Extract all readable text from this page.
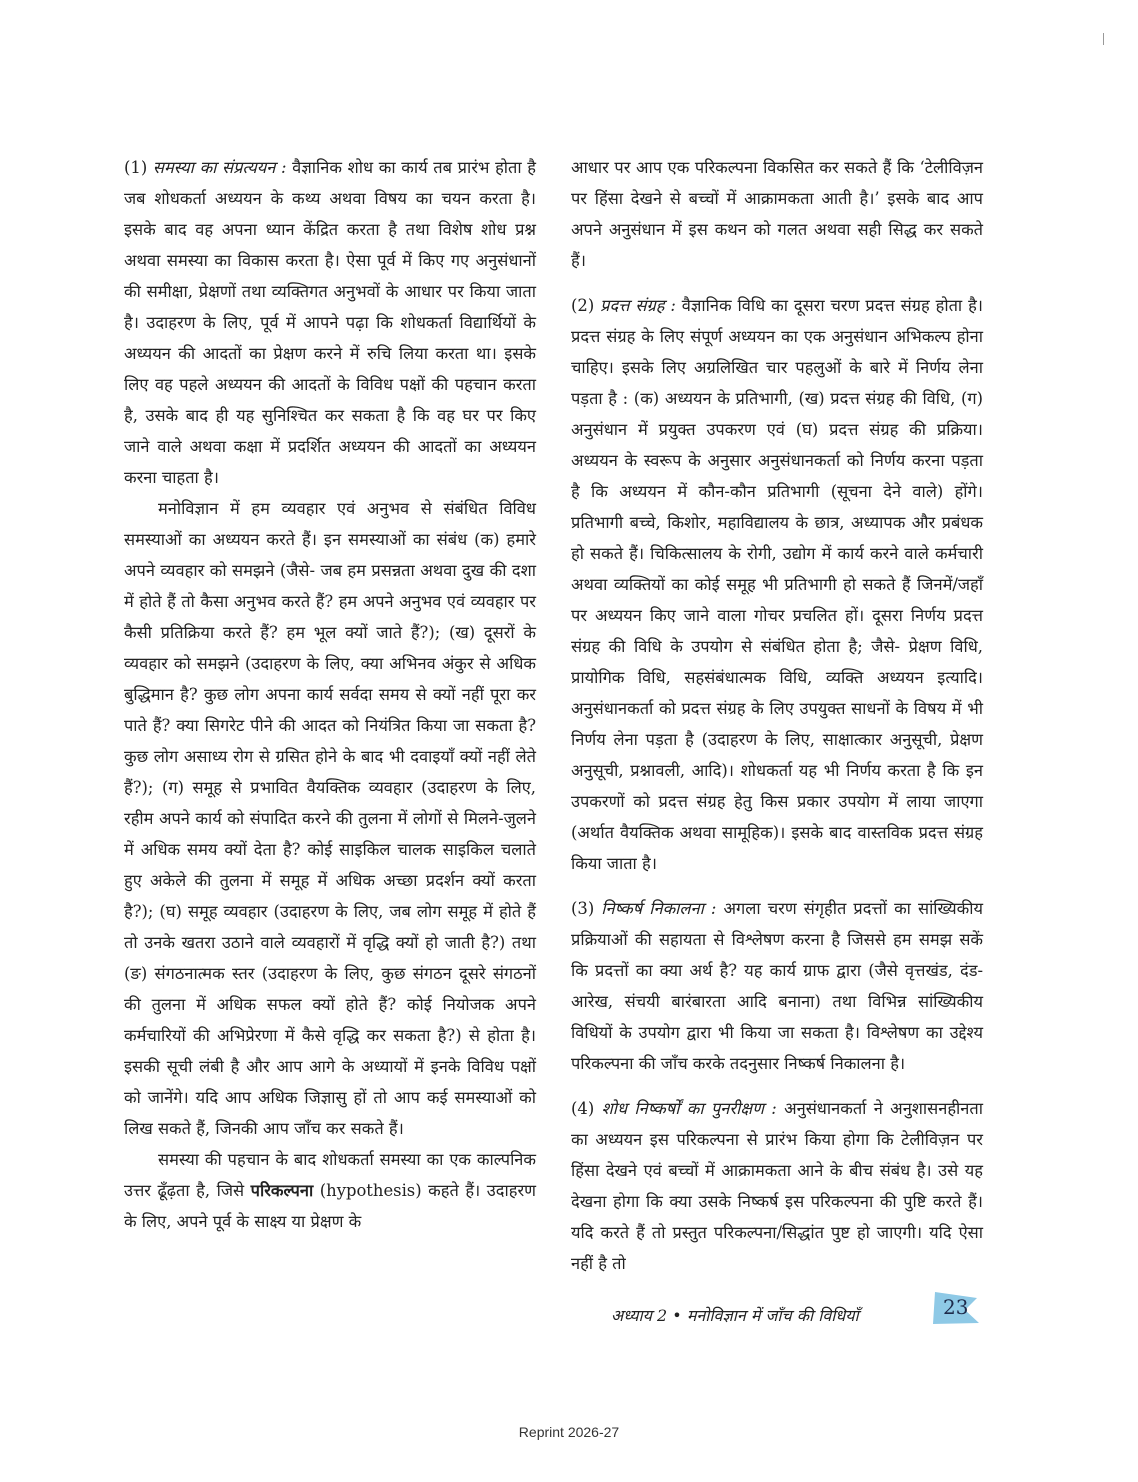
(1) समस्या का संप्रत्ययन : वैज्ञानिक शोध का कार्य तब प्रारंभ होता है जब शोधकर्ता अध्ययन के कथ्य अथवा विषय का चयन करता है। इसके बाद वह अपना ध्यान केंद्रित करता है तथा विशेष शोध प्रश्न अथवा समस्या का विकास करता है। ऐसा पूर्व में किए गए अनुसंधानों की समीक्षा, प्रेक्षणों तथा व्यक्तिगत अनुभवों के आधार पर किया जाता है। उदाहरण के लिए, पूर्व में आपने पढ़ा कि शोधकर्ता विद्यार्थियों के अध्ययन की आदतों का प्रेक्षण करने में रुचि लिया करता था। इसके लिए वह पहले अध्ययन की आदतों के विविध पक्षों की पहचान करता है, उसके बाद ही यह सुनिश्चित कर सकता है कि वह घर पर किए जाने वाले अथवा कक्षा में प्रदर्शित अध्ययन की आदतों का अध्ययन करना चाहता है।

मनोविज्ञान में हम व्यवहार एवं अनुभव से संबंधित विविध समस्याओं का अध्ययन करते हैं। इन समस्याओं का संबंध (क) हमारे अपने व्यवहार को समझने (जैसे- जब हम प्रसन्नता अथवा दुख की दशा में होते हैं तो कैसा अनुभव करते हैं? हम अपने अनुभव एवं व्यवहार पर कैसी प्रतिक्रिया करते हैं? हम भूल क्यों जाते हैं?); (ख) दूसरों के व्यवहार को समझने (उदाहरण के लिए, क्या अभिनव अंकुर से अधिक बुद्धिमान है? कुछ लोग अपना कार्य सर्वदा समय से क्यों नहीं पूरा कर पाते हैं? क्या सिगरेट पीने की आदत को नियंत्रित किया जा सकता है? कुछ लोग असाध्य रोग से ग्रसित होने के बाद भी दवाइयाँ क्यों नहीं लेते हैं?); (ग) समूह से प्रभावित वैयक्तिक व्यवहार (उदाहरण के लिए, रहीम अपने कार्य को संपादित करने की तुलना में लोगों से मिलने-जुलने में अधिक समय क्यों देता है? कोई साइकिल चालक साइकिल चलाते हुए अकेले की तुलना में समूह में अधिक अच्छा प्रदर्शन क्यों करता है?); (घ) समूह व्यवहार (उदाहरण के लिए, जब लोग समूह में होते हैं तो उनके खतरा उठाने वाले व्यवहारों में वृद्धि क्यों हो जाती है?) तथा (ङ) संगठनात्मक स्तर (उदाहरण के लिए, कुछ संगठन दूसरे संगठनों की तुलना में अधिक सफल क्यों होते हैं? कोई नियोजक अपने कर्मचारियों की अभिप्रेरणा में कैसे वृद्धि कर सकता है?) से होता है। इसकी सूची लंबी है और आप आगे के अध्यायों में इनके विविध पक्षों को जानेंगे। यदि आप अधिक जिज्ञासु हों तो आप कई समस्याओं को लिख सकते हैं, जिनकी आप जाँच कर सकते हैं।

समस्या की पहचान के बाद शोधकर्ता समस्या का एक काल्पनिक उत्तर ढूँढ़ता है, जिसे परिकल्पना (hypothesis) कहते हैं। उदाहरण के लिए, अपने पूर्व के साक्ष्य या प्रेक्षण के

आधार पर आप एक परिकल्पना विकसित कर सकते हैं कि ‘टेलीविज़न पर हिंसा देखने से बच्चों में आक्रामकता आती है।’ इसके बाद आप अपने अनुसंधान में इस कथन को गलत अथवा सही सिद्ध कर सकते हैं।

(2) प्रदत्त संग्रह : वैज्ञानिक विधि का दूसरा चरण प्रदत्त संग्रह होता है। प्रदत्त संग्रह के लिए संपूर्ण अध्ययन का एक अनुसंधान अभिकल्प होना चाहिए। इसके लिए अग्रलिखित चार पहलुओं के बारे में निर्णय लेना पड़ता है : (क) अध्ययन के प्रतिभागी, (ख) प्रदत्त संग्रह की विधि, (ग) अनुसंधान में प्रयुक्त उपकरण एवं (घ) प्रदत्त संग्रह की प्रक्रिया। अध्ययन के स्वरूप के अनुसार अनुसंधानकर्ता को निर्णय करना पड़ता है कि अध्ययन में कौन-कौन प्रतिभागी (सूचना देने वाले) होंगे। प्रतिभागी बच्चे, किशोर, महाविद्यालय के छात्र, अध्यापक और प्रबंधक हो सकते हैं। चिकित्सालय के रोगी, उद्योग में कार्य करने वाले कर्मचारी अथवा व्यक्तियों का कोई समूह भी प्रतिभागी हो सकते हैं जिनमें/जहाँ पर अध्ययन किए जाने वाला गोचर प्रचलित हों। दूसरा निर्णय प्रदत्त संग्रह की विधि के उपयोग से संबंधित होता है; जैसे- प्रेक्षण विधि, प्रायोगिक विधि, सहसंबंधात्मक विधि, व्यक्ति अध्ययन इत्यादि। अनुसंधानकर्ता को प्रदत्त संग्रह के लिए उपयुक्त साधनों के विषय में भी निर्णय लेना पड़ता है (उदाहरण के लिए, साक्षात्कार अनुसूची, प्रेक्षण अनुसूची, प्रश्नावली, आदि)। शोधकर्ता यह भी निर्णय करता है कि इन उपकरणों को प्रदत्त संग्रह हेतु किस प्रकार उपयोग में लाया जाएगा (अर्थात वैयक्तिक अथवा सामूहिक)। इसके बाद वास्तविक प्रदत्त संग्रह किया जाता है।

(3) निष्कर्ष निकालना : अगला चरण संगृहीत प्रदत्तों का सांख्यिकीय प्रक्रियाओं की सहायता से विश्लेषण करना है जिससे हम समझ सकें कि प्रदत्तों का क्या अर्थ है? यह कार्य ग्राफ द्वारा (जैसे वृत्तखंड, दंड-आरेख, संचयी बारंबारता आदि बनाना) तथा विभिन्न सांख्यिकीय विधियों के उपयोग द्वारा भी किया जा सकता है। विश्लेषण का उद्देश्य परिकल्पना की जाँच करके तदनुसार निष्कर्ष निकालना है।

(4) शोध निष्कर्षों का पुनरीक्षण : अनुसंधानकर्ता ने अनुशासनहीनता का अध्ययन इस परिकल्पना से प्रारंभ किया होगा कि टेलीविज़न पर हिंसा देखने एवं बच्चों में आक्रामकता आने के बीच संबंध है। उसे यह देखना होगा कि क्या उसके निष्कर्ष इस परिकल्पना की पुष्टि करते हैं। यदि करते हैं तो प्रस्तुत परिकल्पना/सिद्धांत पुष्ट हो जाएगी। यदि ऐसा नहीं है तो

अध्याय 2 • मनोविज्ञान में जाँच की विधियाँ	23
Reprint 2026-27
